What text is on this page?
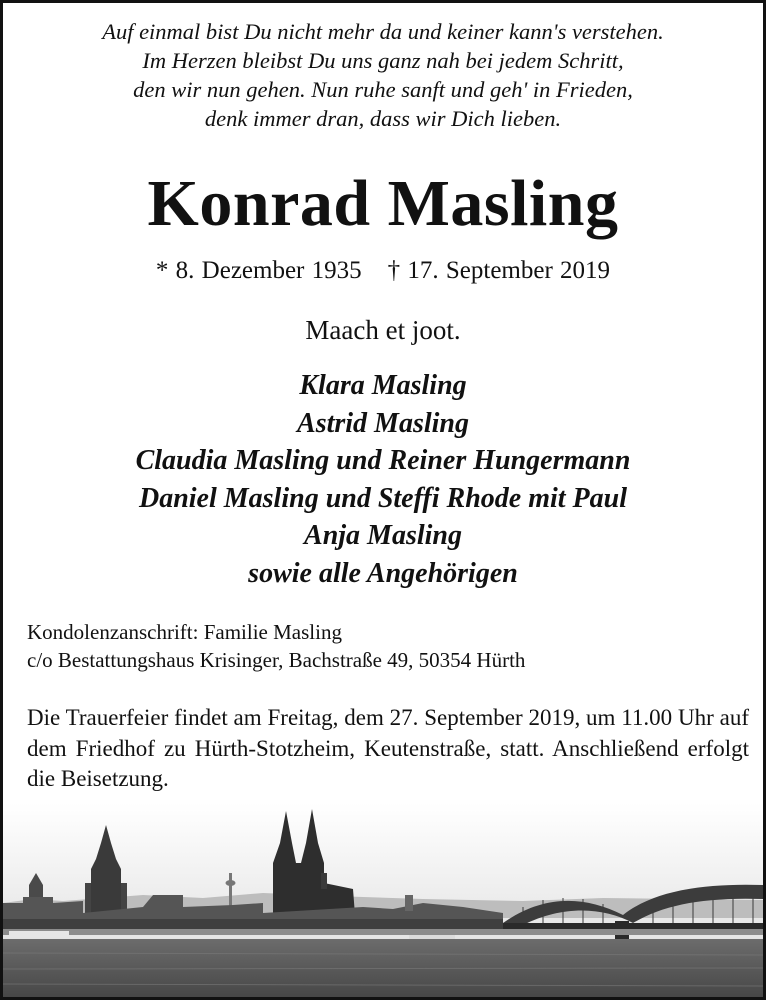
Auf einmal bist Du nicht mehr da und keiner kann's verstehen.
Im Herzen bleibst Du uns ganz nah bei jedem Schritt,
den wir nun gehen. Nun ruhe sanft und geh' in Frieden,
denk immer dran, dass wir Dich lieben.
Konrad Masling
* 8. Dezember 1935 † 17. September 2019
Maach et joot.
Klara Masling
Astrid Masling
Claudia Masling und Reiner Hungermann
Daniel Masling und Steffi Rhode mit Paul
Anja Masling
sowie alle Angehörigen
Kondolenzanschrift: Familie Masling
c/o Bestattungshaus Krisinger, Bachstraße 49, 50354 Hürth
Die Trauerfeier findet am Freitag, dem 27. September 2019, um 11.00 Uhr auf dem Friedhof zu Hürth-Stotzheim, Keutenstraße, statt. Anschließend erfolgt die Beisetzung.
